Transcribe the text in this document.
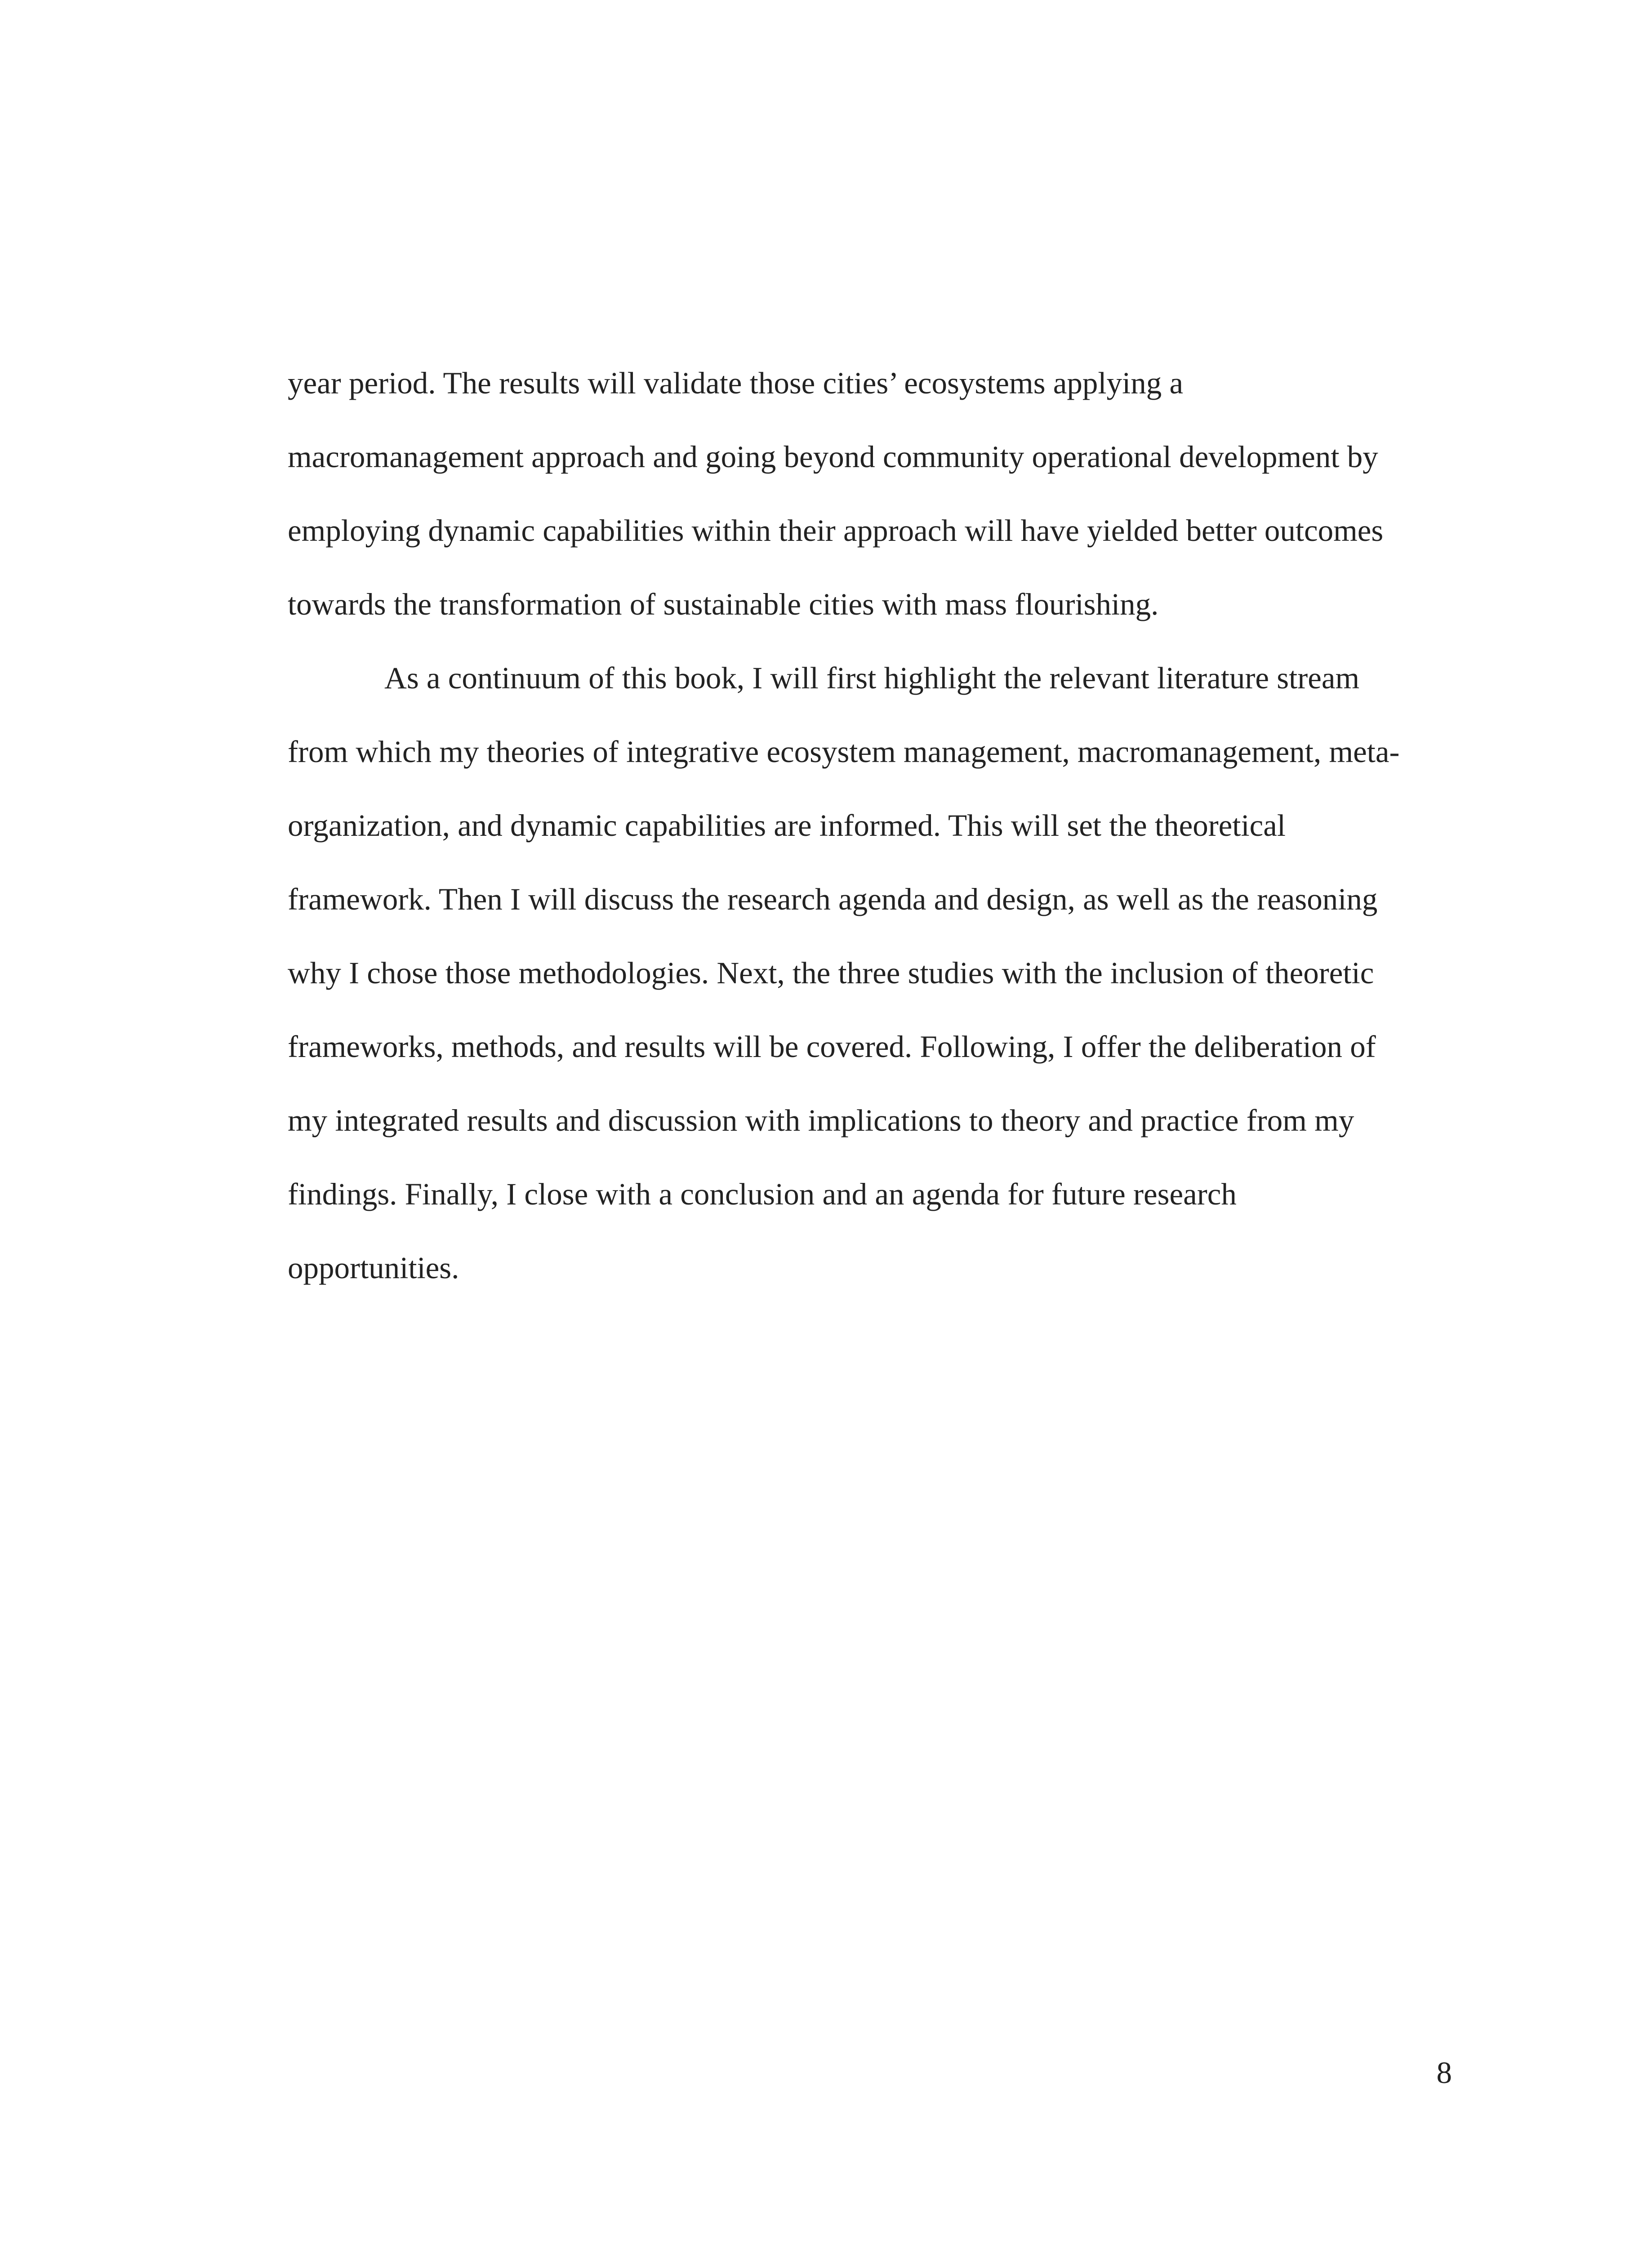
year period. The results will validate those cities’ ecosystems applying a
macromanagement approach and going beyond community operational development by
employing dynamic capabilities within their approach will have yielded better outcomes
towards the transformation of sustainable cities with mass flourishing.
As a continuum of this book, I will first highlight the relevant literature stream
from which my theories of integrative ecosystem management, macromanagement, meta-
organization, and dynamic capabilities are informed. This will set the theoretical
framework. Then I will discuss the research agenda and design, as well as the reasoning
why I chose those methodologies. Next, the three studies with the inclusion of theoretic
frameworks, methods, and results will be covered. Following, I offer the deliberation of
my integrated results and discussion with implications to theory and practice from my
findings. Finally, I close with a conclusion and an agenda for future research
opportunities.
8
